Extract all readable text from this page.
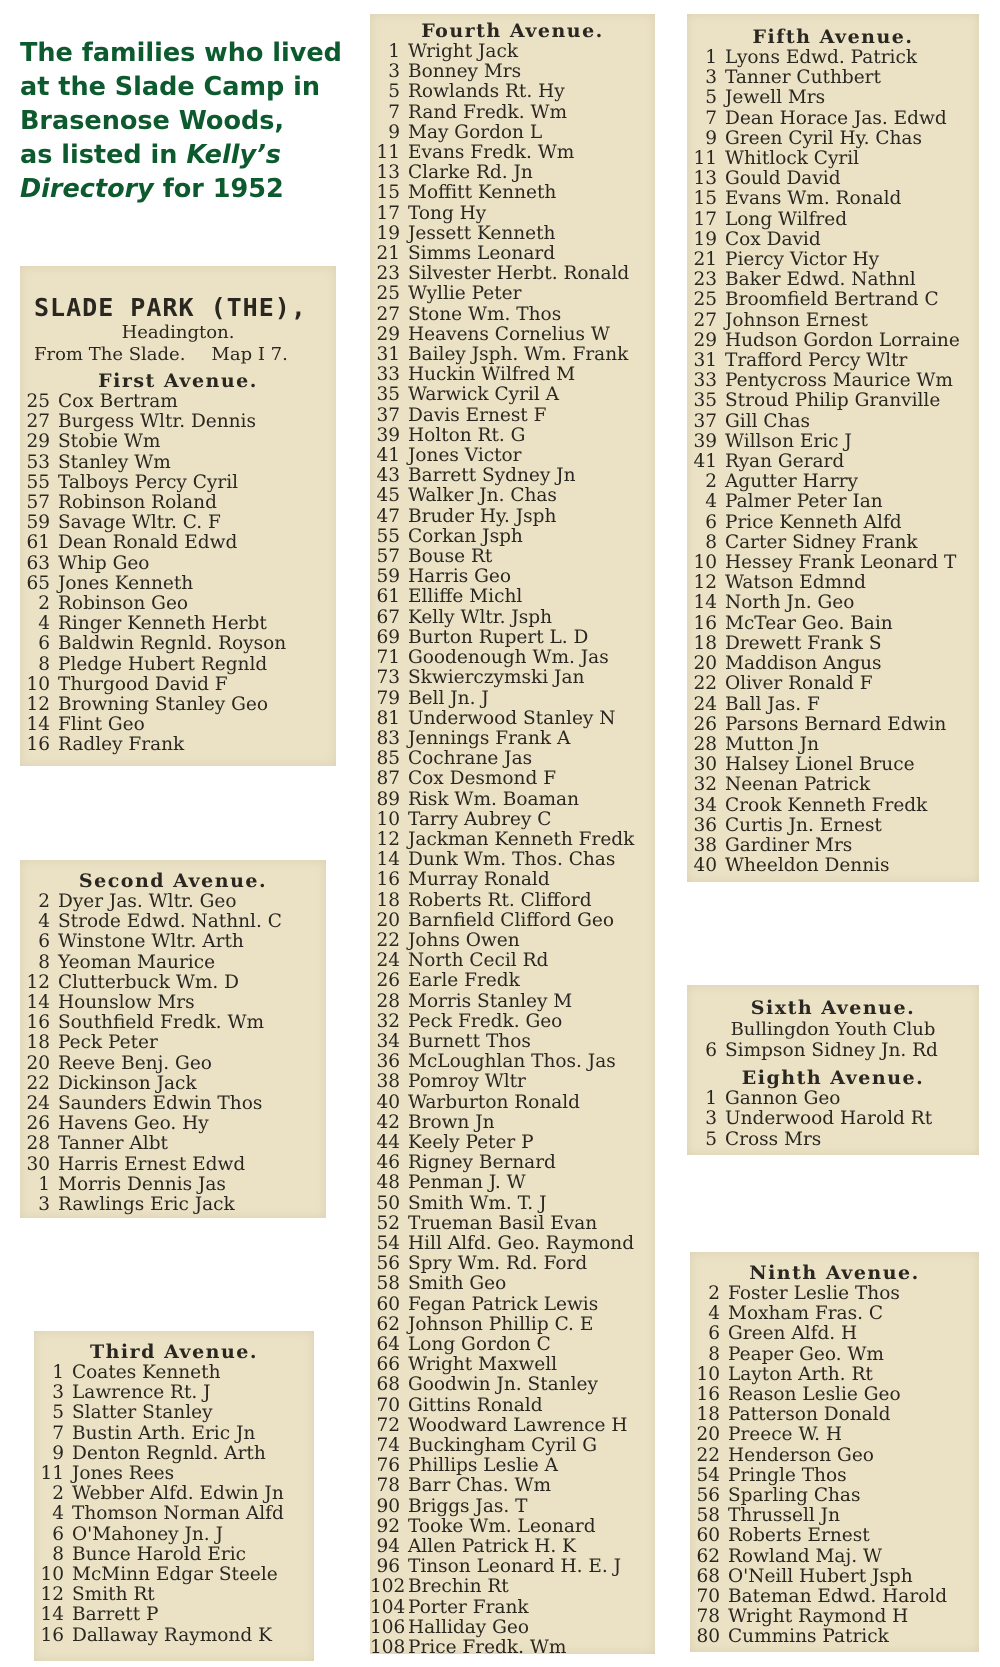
The families who lived
at the Slade Camp in
Brasenose Woods,
as listed in Kelly’s
Directory for 1952
SLADE PARK (THE),
Headington.
From The Slade. Map I 7.
First Avenue.
25 Cox Bertram
27 Burgess Wltr. Dennis
29 Stobie Wm
53 Stanley Wm
55 Talboys Percy Cyril
57 Robinson Roland
59 Savage Wltr. C. F
61 Dean Ronald Edwd
63 Whip Geo
65 Jones Kenneth
2 Robinson Geo
4 Ringer Kenneth Herbt
6 Baldwin Regnld. Royson
8 Pledge Hubert Regnld
10 Thurgood David F
12 Browning Stanley Geo
14 Flint Geo
16 Radley Frank
Second Avenue.
2 Dyer Jas. Wltr. Geo
4 Strode Edwd. Nathnl. C
6 Winstone Wltr. Arth
8 Yeoman Maurice
12 Clutterbuck Wm. D
14 Hounslow Mrs
16 Southfield Fredk. Wm
18 Peck Peter
20 Reeve Benj. Geo
22 Dickinson Jack
24 Saunders Edwin Thos
26 Havens Geo. Hy
28 Tanner Albt
30 Harris Ernest Edwd
1 Morris Dennis Jas
3 Rawlings Eric Jack
Third Avenue.
1 Coates Kenneth
3 Lawrence Rt. J
5 Slatter Stanley
7 Bustin Arth. Eric Jn
9 Denton Regnld. Arth
11 Jones Rees
2 Webber Alfd. Edwin Jn
4 Thomson Norman Alfd
6 O'Mahoney Jn. J
8 Bunce Harold Eric
10 McMinn Edgar Steele
12 Smith Rt
14 Barrett P
16 Dallaway Raymond K
Fourth Avenue.
1 Wright Jack
3 Bonney Mrs
5 Rowlands Rt. Hy
7 Rand Fredk. Wm
9 May Gordon L
11 Evans Fredk. Wm
13 Clarke Rd. Jn
15 Moffitt Kenneth
17 Tong Hy
19 Jessett Kenneth
21 Simms Leonard
23 Silvester Herbt. Ronald
25 Wyllie Peter
27 Stone Wm. Thos
29 Heavens Cornelius W
31 Bailey Jsph. Wm. Frank
33 Huckin Wilfred M
35 Warwick Cyril A
37 Davis Ernest F
39 Holton Rt. G
41 Jones Victor
43 Barrett Sydney Jn
45 Walker Jn. Chas
47 Bruder Hy. Jsph
55 Corkan Jsph
57 Bouse Rt
59 Harris Geo
61 Elliffe Michl
67 Kelly Wltr. Jsph
69 Burton Rupert L. D
71 Goodenough Wm. Jas
73 Skwierczymski Jan
79 Bell Jn. J
81 Underwood Stanley N
83 Jennings Frank A
85 Cochrane Jas
87 Cox Desmond F
89 Risk Wm. Boaman
10 Tarry Aubrey C
12 Jackman Kenneth Fredk
14 Dunk Wm. Thos. Chas
16 Murray Ronald
18 Roberts Rt. Clifford
20 Barnfield Clifford Geo
22 Johns Owen
24 North Cecil Rd
26 Earle Fredk
28 Morris Stanley M
32 Peck Fredk. Geo
34 Burnett Thos
36 McLoughlan Thos. Jas
38 Pomroy Wltr
40 Warburton Ronald
42 Brown Jn
44 Keely Peter P
46 Rigney Bernard
48 Penman J. W
50 Smith Wm. T. J
52 Trueman Basil Evan
54 Hill Alfd. Geo. Raymond
56 Spry Wm. Rd. Ford
58 Smith Geo
60 Fegan Patrick Lewis
62 Johnson Phillip C. E
64 Long Gordon C
66 Wright Maxwell
68 Goodwin Jn. Stanley
70 Gittins Ronald
72 Woodward Lawrence H
74 Buckingham Cyril G
76 Phillips Leslie A
78 Barr Chas. Wm
90 Briggs Jas. T
92 Tooke Wm. Leonard
94 Allen Patrick H. K
96 Tinson Leonard H. E. J
102 Brechin Rt
104 Porter Frank
106 Halliday Geo
108 Price Fredk. Wm
Fifth Avenue.
1 Lyons Edwd. Patrick
3 Tanner Cuthbert
5 Jewell Mrs
7 Dean Horace Jas. Edwd
9 Green Cyril Hy. Chas
11 Whitlock Cyril
13 Gould David
15 Evans Wm. Ronald
17 Long Wilfred
19 Cox David
21 Piercy Victor Hy
23 Baker Edwd. Nathnl
25 Broomfield Bertrand C
27 Johnson Ernest
29 Hudson Gordon Lorraine
31 Trafford Percy Wltr
33 Pentycross Maurice Wm
35 Stroud Philip Granville
37 Gill Chas
39 Willson Eric J
41 Ryan Gerard
2 Agutter Harry
4 Palmer Peter Ian
6 Price Kenneth Alfd
8 Carter Sidney Frank
10 Hessey Frank Leonard T
12 Watson Edmnd
14 North Jn. Geo
16 McTear Geo. Bain
18 Drewett Frank S
20 Maddison Angus
22 Oliver Ronald F
24 Ball Jas. F
26 Parsons Bernard Edwin
28 Mutton Jn
30 Halsey Lionel Bruce
32 Neenan Patrick
34 Crook Kenneth Fredk
36 Curtis Jn. Ernest
38 Gardiner Mrs
40 Wheeldon Dennis
Sixth Avenue.
Bullingdon Youth Club
6 Simpson Sidney Jn. Rd
Eighth Avenue.
1 Gannon Geo
3 Underwood Harold Rt
5 Cross Mrs
Ninth Avenue.
2 Foster Leslie Thos
4 Moxham Fras. C
6 Green Alfd. H
8 Peaper Geo. Wm
10 Layton Arth. Rt
16 Reason Leslie Geo
18 Patterson Donald
20 Preece W. H
22 Henderson Geo
54 Pringle Thos
56 Sparling Chas
58 Thrussell Jn
60 Roberts Ernest
62 Rowland Maj. W
68 O'Neill Hubert Jsph
70 Bateman Edwd. Harold
78 Wright Raymond H
80 Cummins Patrick
